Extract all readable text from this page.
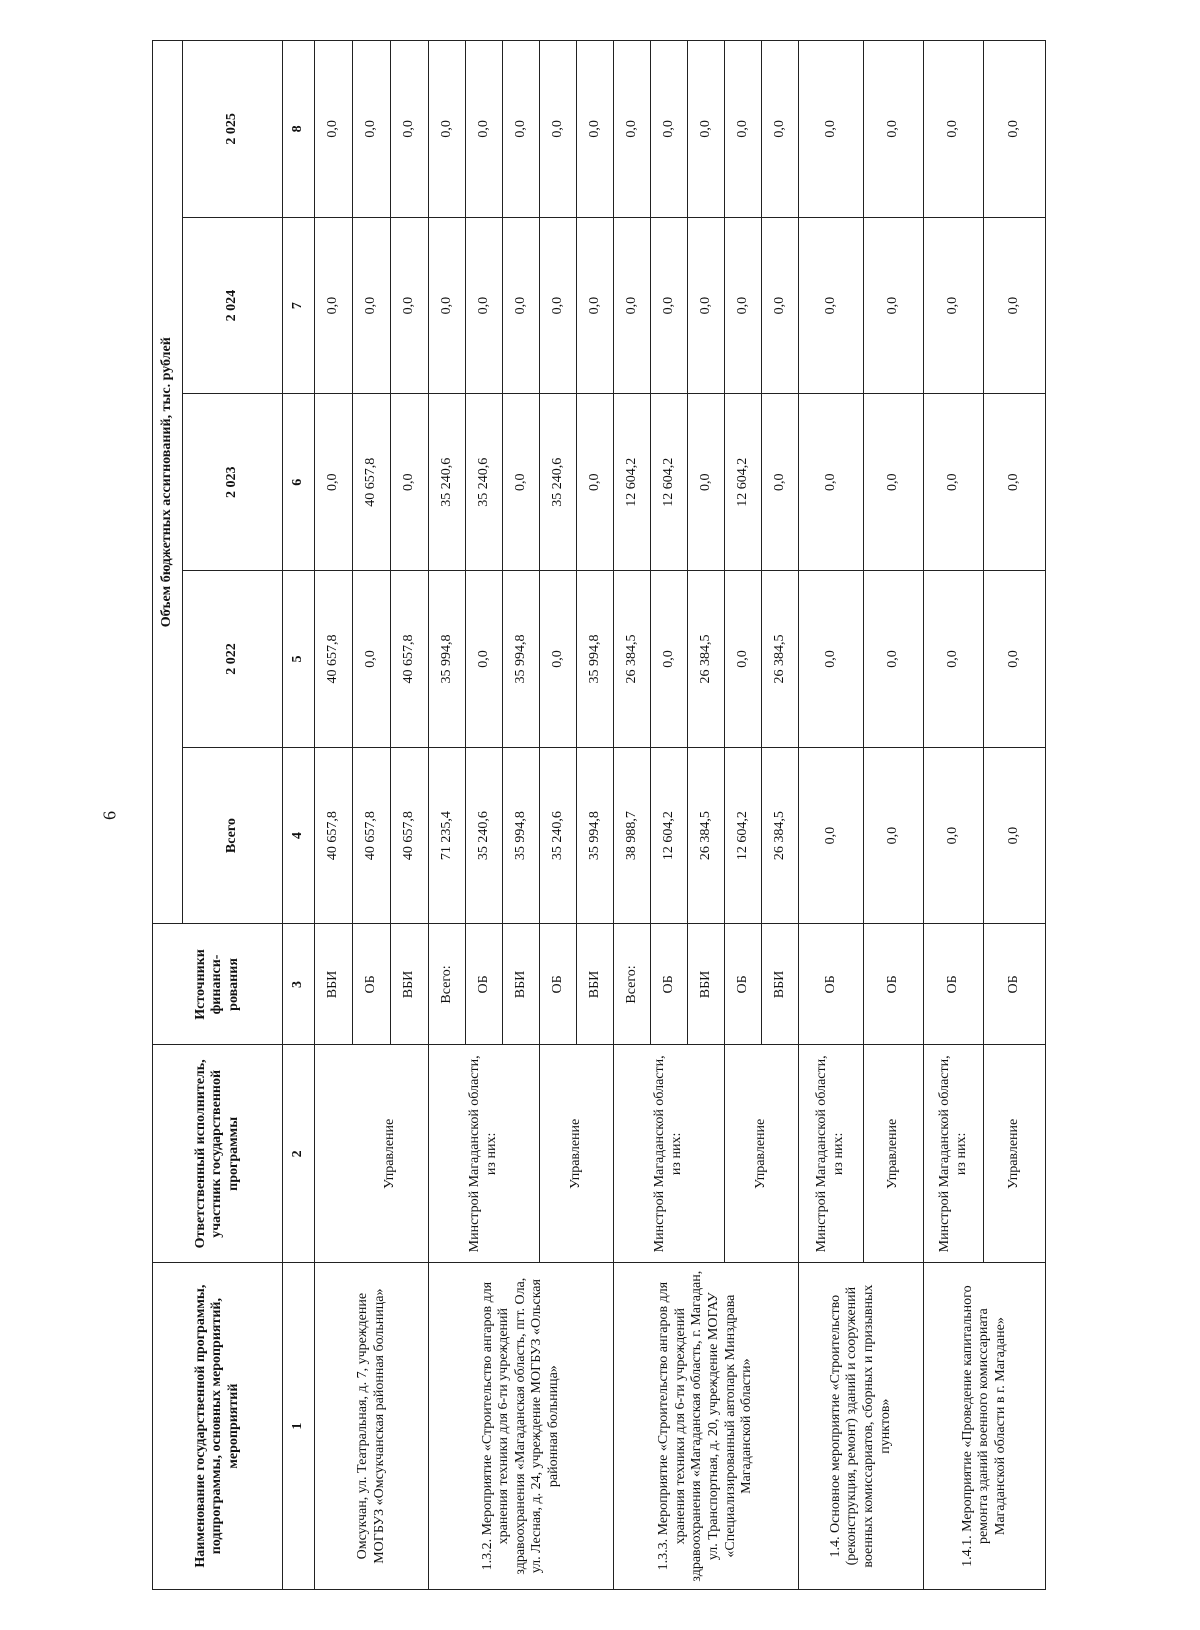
6
Наименование государственной программы, подпрограммы, основных мероприятий, мероприятий	Ответственный исполнитель, участник государственной программы	Источники финанси-рования	Объем бюджетных ассигнований, тыс. рублей				
			Всего	2 022	2 023	2 024	2 025
1	2	3	4	5	6	7	8
Омсукчан, ул. Театральная, д. 7, учреждение МОГБУЗ «Омсукчанская районная больница»		ВБИ	40 657,8	40 657,8	0,0	0,0	0,0
	Управление	ОБ	40 657,8	0,0	40 657,8	0,0	0,0
		ВБИ	40 657,8	40 657,8	0,0	0,0	0,0
1.3.2. Мероприятие «Строительство ангаров для хранения техники для 6-ти учреждений здравоохранения «Магаданская область, пгт. Ола, ул. Лесная, д. 24, учреждение МОГБУЗ «Ольская районная больница»	Минстрой Магаданской области, из них:	Всего:	71 235,4	35 994,8	35 240,6	0,0	0,0
		ОБ	35 240,6	0,0	35 240,6	0,0	0,0
		ВБИ	35 994,8	35 994,8	0,0	0,0	0,0
	Управление	ОБ	35 240,6	0,0	35 240,6	0,0	0,0
		ВБИ	35 994,8	35 994,8	0,0	0,0	0,0
1.3.3. Мероприятие «Строительство ангаров для хранения техники для 6-ти учреждений здравоохранения «Магаданская область, г. Магадан, ул. Транспортная, д. 20, учреждение МОГАУ «Специализированный автопарк Минздрава Магаданской области»	Минстрой Магаданской области, из них:	Всего:	38 988,7	26 384,5	12 604,2	0,0	0,0
		ОБ	12 604,2	0,0	12 604,2	0,0	0,0
		ВБИ	26 384,5	26 384,5	0,0	0,0	0,0
	Управление	ОБ	12 604,2	0,0	12 604,2	0,0	0,0
		ВБИ	26 384,5	26 384,5	0,0	0,0	0,0
1.4. Основное мероприятие «Строительство (реконструкция, ремонт) зданий и сооружений военных комиссариатов, сборных и призывных пунктов»	Минстрой Магаданской области, из них:	ОБ	0,0	0,0	0,0	0,0	0,0
	Управление	ОБ	0,0	0,0	0,0	0,0	0,0
1.4.1. Мероприятие «Проведение капитального ремонта зданий военного комиссариата Магаданской области в г. Магадане»	Минстрой Магаданской области, из них:	ОБ	0,0	0,0	0,0	0,0	0,0
	Управление	ОБ	0,0	0,0	0,0	0,0	0,0
